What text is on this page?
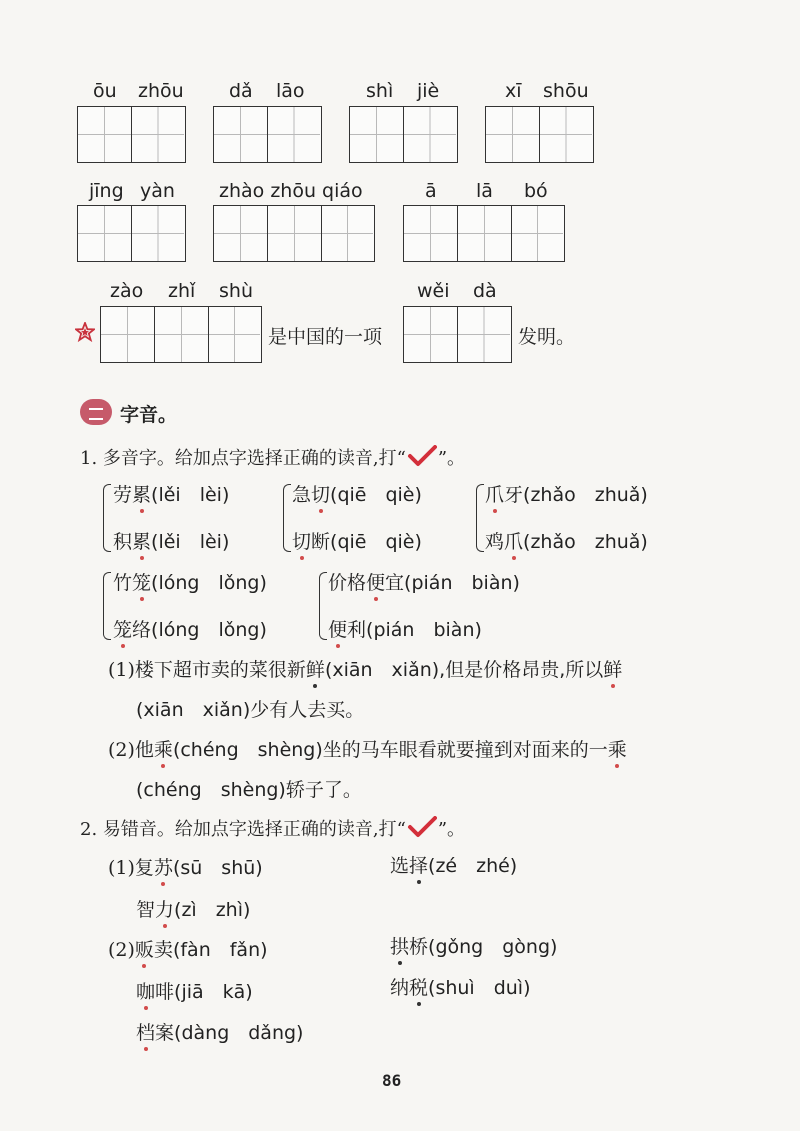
ōu zhōu dǎ lāo	shì jiè	xī shōu
jīng yàn zhào zhōu qiáo	ā lā bó
zào zhǐ shù
是中国的一项
wěi dà
发明。
字音。
1. 多音字。给加点字选择正确的读音,打“ ”。
劳累(lěi　lèi)
积累(lěi　lèi)
急切(qiē　qiè)
切断(qiē　qiè)
爪牙(zhǎo　zhuǎ)
鸡爪(zhǎo　zhuǎ)
竹笼(lóng　lǒng)
笼络(lóng　lǒng)
价格便宜(pián　biàn)
便利(pián　biàn)
(1)楼下超市卖的菜很新鲜(xiān　xiǎn),但是价格昂贵,所以鲜
(xiān　xiǎn)少有人去买。
(2)他乘(chéng　shèng)坐的马车眼看就要撞到对面来的一乘
(chéng　shèng)轿子了。
2. 易错音。给加点字选择正确的读音,打“ ”。
(1)复苏(sū　shū)	选择(zé　zhé)
智力(zì　zhì)
(2)贩卖(fàn　fǎn)	拱桥(gǒng　gòng)
咖啡(jiā　kā)	纳税(shuì　duì)
档案(dàng　dǎng)
86
